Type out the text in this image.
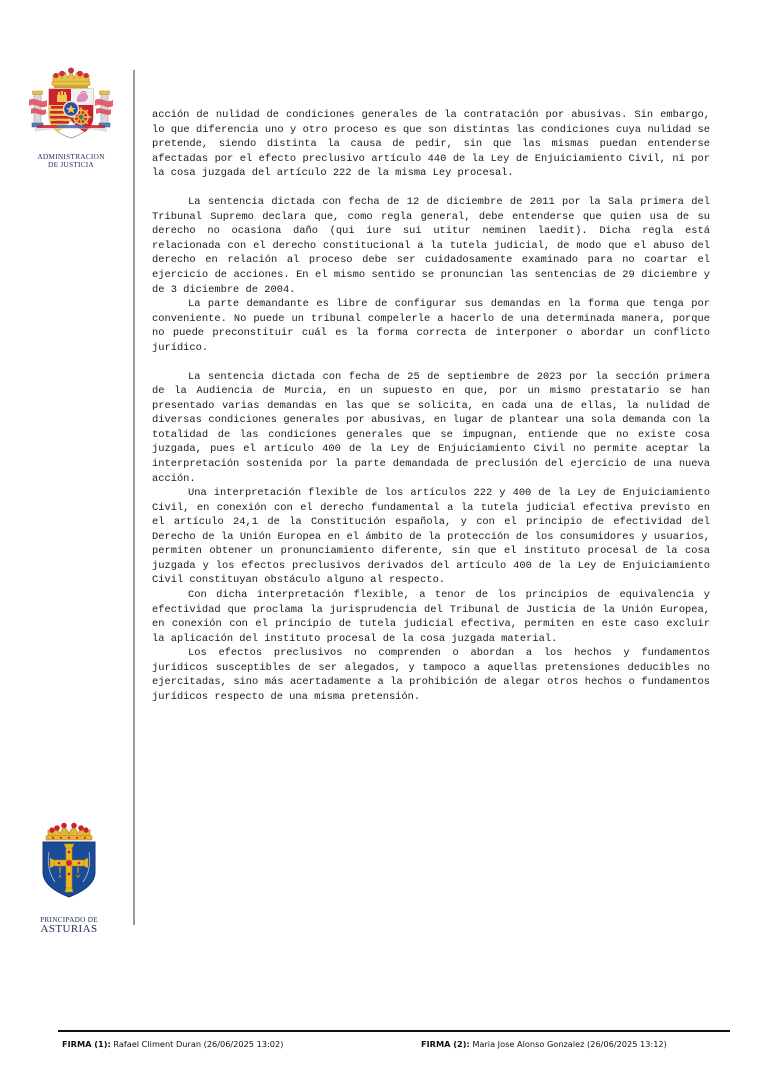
ADMINISTRACION
DE JUSTICIA
A	W
PRINCIPADO DE
ASTURIAS

acción de nulidad de condiciones generales de la contratación por abusivas. Sin embargo, lo que diferencia uno y otro proceso es que son distintas las condiciones cuya nulidad se pretende, siendo distinta la causa de pedir, sin que las mismas puedan entenderse afectadas por el efecto preclusivo artículo 440 de la Ley de Enjuiciamiento Civil, ni por la cosa juzgada del artículo 222 de la misma Ley procesal.

La sentencia dictada con fecha de 12 de diciembre de 2011 por la Sala primera del Tribunal Supremo declara que, como regla general, debe entenderse que quien usa de su derecho no ocasiona daño (qui iure sui utitur neminen laedit). Dicha regla está relacionada con el derecho constitucional a la tutela judicial, de modo que el abuso del derecho en relación al proceso debe ser cuidadosamente examinado para no coartar el ejercicio de acciones. En el mismo sentido se pronuncian las sentencias de 29 diciembre y de 3 diciembre de 2004.

La parte demandante es libre de configurar sus demandas en la forma que tenga por conveniente. No puede un tribunal compelerle a hacerlo de una determinada manera, porque no puede preconstituir cuál es la forma correcta de interponer o abordar un conflicto jurídico.

La sentencia dictada con fecha de 25 de septiembre de 2023 por la sección primera de la Audiencia de Murcia, en un supuesto en que, por un mismo prestatario se han presentado varias demandas en las que se solicita, en cada una de ellas, la nulidad de diversas condiciones generales por abusivas, en lugar de plantear una sola demanda con la totalidad de las condiciones generales que se impugnan, entiende que no existe cosa juzgada, pues el artículo 400 de la Ley de Enjuiciamiento Civil no permite aceptar la interpretación sostenida por la parte demandada de preclusión del ejercicio de una nueva acción.

Una interpretación flexible de los artículos 222 y 400 de la Ley de Enjuiciamiento Civil, en conexión con el derecho fundamental a la tutela judicial efectiva previsto en el artículo 24,1 de la Constitución española, y con el principio de efectividad del Derecho de la Unión Europea en el ámbito de la protección de los consumidores y usuarios, permiten obtener un pronunciamiento diferente, sin que el instituto procesal de la cosa juzgada y los efectos preclusivos derivados del artículo 400 de la Ley de Enjuiciamiento Civil constituyan obstáculo alguno al respecto.

Con dicha interpretación flexible, a tenor de los principios de equivalencia y efectividad que proclama la jurisprudencia del Tribunal de Justicia de la Unión Europea, en conexión con el principio de tutela judicial efectiva, permiten en este caso excluir la aplicación del instituto procesal de la cosa juzgada material.

Los efectos preclusivos no comprenden o abordan a los hechos y fundamentos jurídicos susceptibles de ser alegados, y tampoco a aquellas pretensiones deducibles no ejercitadas, sino más acertadamente a la prohibición de alegar otros hechos o fundamentos jurídicos respecto de una misma pretensión.

FIRMA (1): Rafael Climent Duran (26/06/2025 13:02)	FIRMA (2): Maria Jose Alonso Gonzalez (26/06/2025 13:12)
